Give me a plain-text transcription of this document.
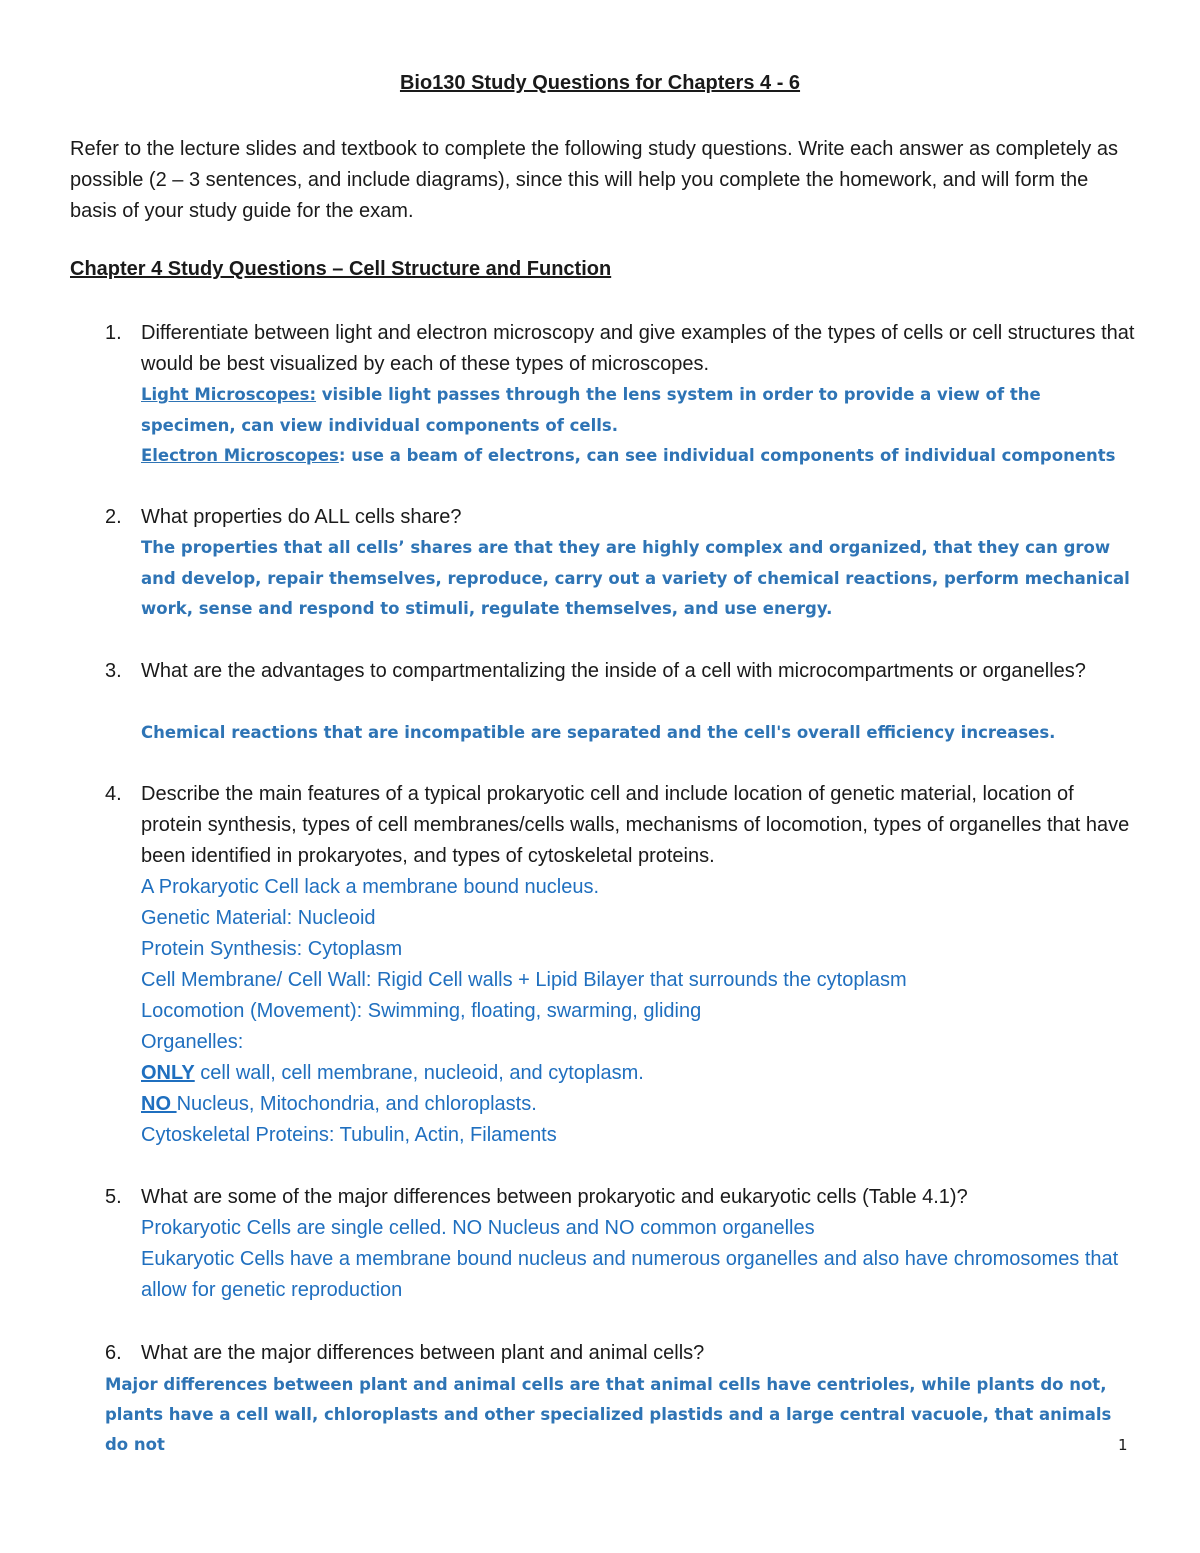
Bio130 Study Questions for Chapters 4 - 6
Refer to the lecture slides and textbook to complete the following study questions. Write each answer as completely as possible (2 – 3 sentences, and include diagrams), since this will help you complete the homework, and will form the basis of your study guide for the exam.
Chapter 4 Study Questions – Cell Structure and Function
1. Differentiate between light and electron microscopy and give examples of the types of cells or cell structures that would be best visualized by each of these types of microscopes.
Light Microscopes: visible light passes through the lens system in order to provide a view of the specimen, can view individual components of cells.
Electron Microscopes: use a beam of electrons, can see individual components of individual components
2. What properties do ALL cells share?
The properties that all cells’ shares are that they are highly complex and organized, that they can grow and develop, repair themselves, reproduce, carry out a variety of chemical reactions, perform mechanical work, sense and respond to stimuli, regulate themselves, and use energy.
3. What are the advantages to compartmentalizing the inside of a cell with microcompartments or organelles?
Chemical reactions that are incompatible are separated and the cell's overall efficiency increases.
4. Describe the main features of a typical prokaryotic cell and include location of genetic material, location of protein synthesis, types of cell membranes/cells walls, mechanisms of locomotion, types of organelles that have been identified in prokaryotes, and types of cytoskeletal proteins.
A Prokaryotic Cell lack a membrane bound nucleus.
Genetic Material: Nucleoid
Protein Synthesis: Cytoplasm
Cell Membrane/ Cell Wall: Rigid Cell walls + Lipid Bilayer that surrounds the cytoplasm
Locomotion (Movement): Swimming, floating, swarming, gliding
Organelles:
ONLY cell wall, cell membrane, nucleoid, and cytoplasm.
NO Nucleus, Mitochondria, and chloroplasts.
Cytoskeletal Proteins: Tubulin, Actin, Filaments
5. What are some of the major differences between prokaryotic and eukaryotic cells (Table 4.1)?
Prokaryotic Cells are single celled. NO Nucleus and NO common organelles
Eukaryotic Cells have a membrane bound nucleus and numerous organelles and also have chromosomes that allow for genetic reproduction
6. What are the major differences between plant and animal cells?
Major differences between plant and animal cells are that animal cells have centrioles, while plants do not, plants have a cell wall, chloroplasts and other specialized plastids and a large central vacuole, that animals do not	1
